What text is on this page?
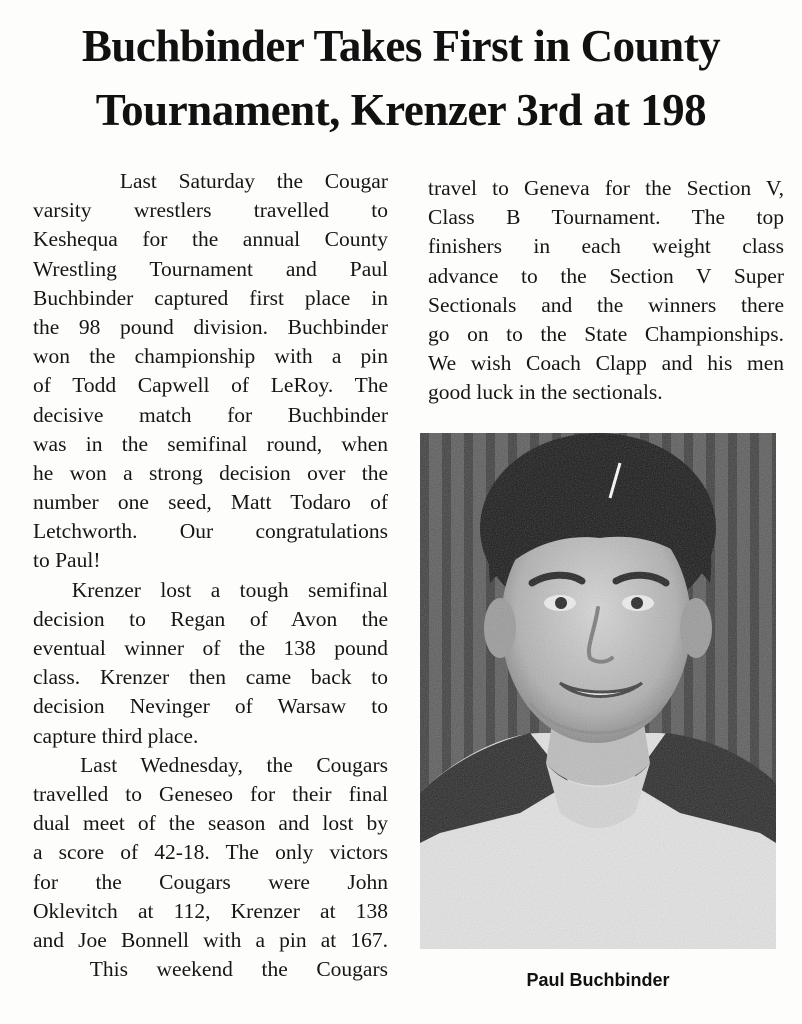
Buchbinder Takes First in County
Tournament, Krenzer 3rd at 198
Last Saturday the Cougar
varsity wrestlers travelled to
Keshequa for the annual County
Wrestling Tournament and Paul
Buchbinder captured first place in
the 98 pound division. Buchbinder
won the championship with a pin
of Todd Capwell of LeRoy. The
decisive match for Buchbinder
was in the semifinal round, when
he won a strong decision over the
number one seed, Matt Todaro of
Letchworth. Our congratulations
to Paul!
Krenzer lost a tough semifinal
decision to Regan of Avon the
eventual winner of the 138 pound
class. Krenzer then came back to
decision Nevinger of Warsaw to
capture third place.
Last Wednesday, the Cougars
travelled to Geneseo for their final
dual meet of the season and lost by
a score of 42-18. The only victors
for the Cougars were John
Oklevitch at 112, Krenzer at 138
and Joe Bonnell with a pin at 167.
This weekend the Cougars
travel to Geneva for the Section V,
Class B Tournament. The top
finishers in each weight class
advance to the Section V Super
Sectionals and the winners there
go on to the State Championships.
We wish Coach Clapp and his men
good luck in the sectionals.
Paul Buchbinder
